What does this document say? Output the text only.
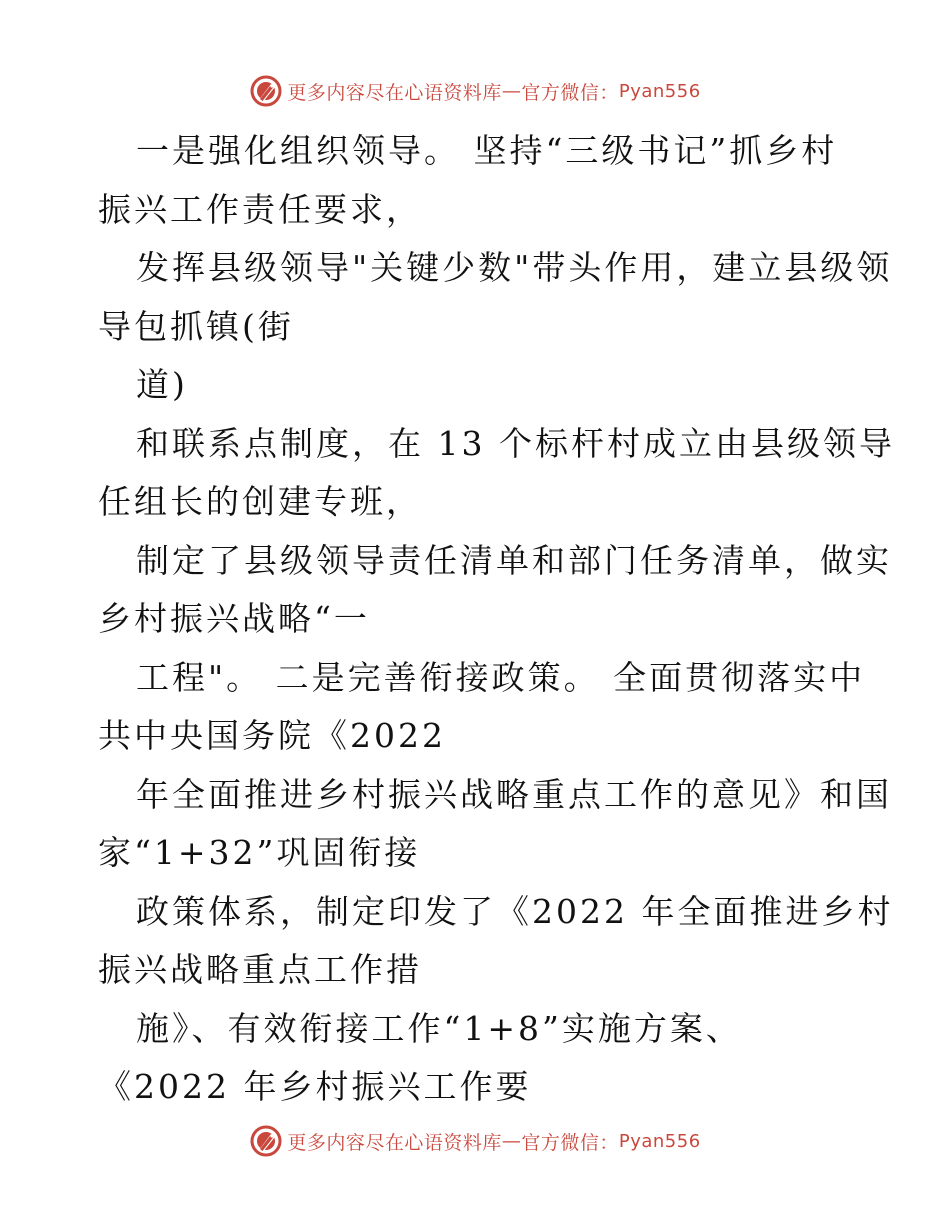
更多内容尽在心语资料库 — 官方微信： Pyan556
一是强化组织领导。 坚持“三级书记”抓乡村
振兴工作责任要求，
发挥县级领导"关键少数"带头作用，建立县级领
导包抓镇(街
道)
和联系点制度，在 13 个标杆村成立由县级领导
任组长的创建专班，
制定了县级领导责任清单和部门任务清单，做实
乡村振兴战略“一
工程"。 二是完善衔接政策。 全面贯彻落实中
共中央国务院《2022
年全面推进乡村振兴战略重点工作的意见》和国
家“1+32”巩固衔接
政策体系，制定印发了《2022 年全面推进乡村
振兴战略重点工作措
施》、有效衔接工作“1+8”实施方案、
《2022 年乡村振兴工作要
更多内容尽在心语资料库 — 官方微信： Pyan556
